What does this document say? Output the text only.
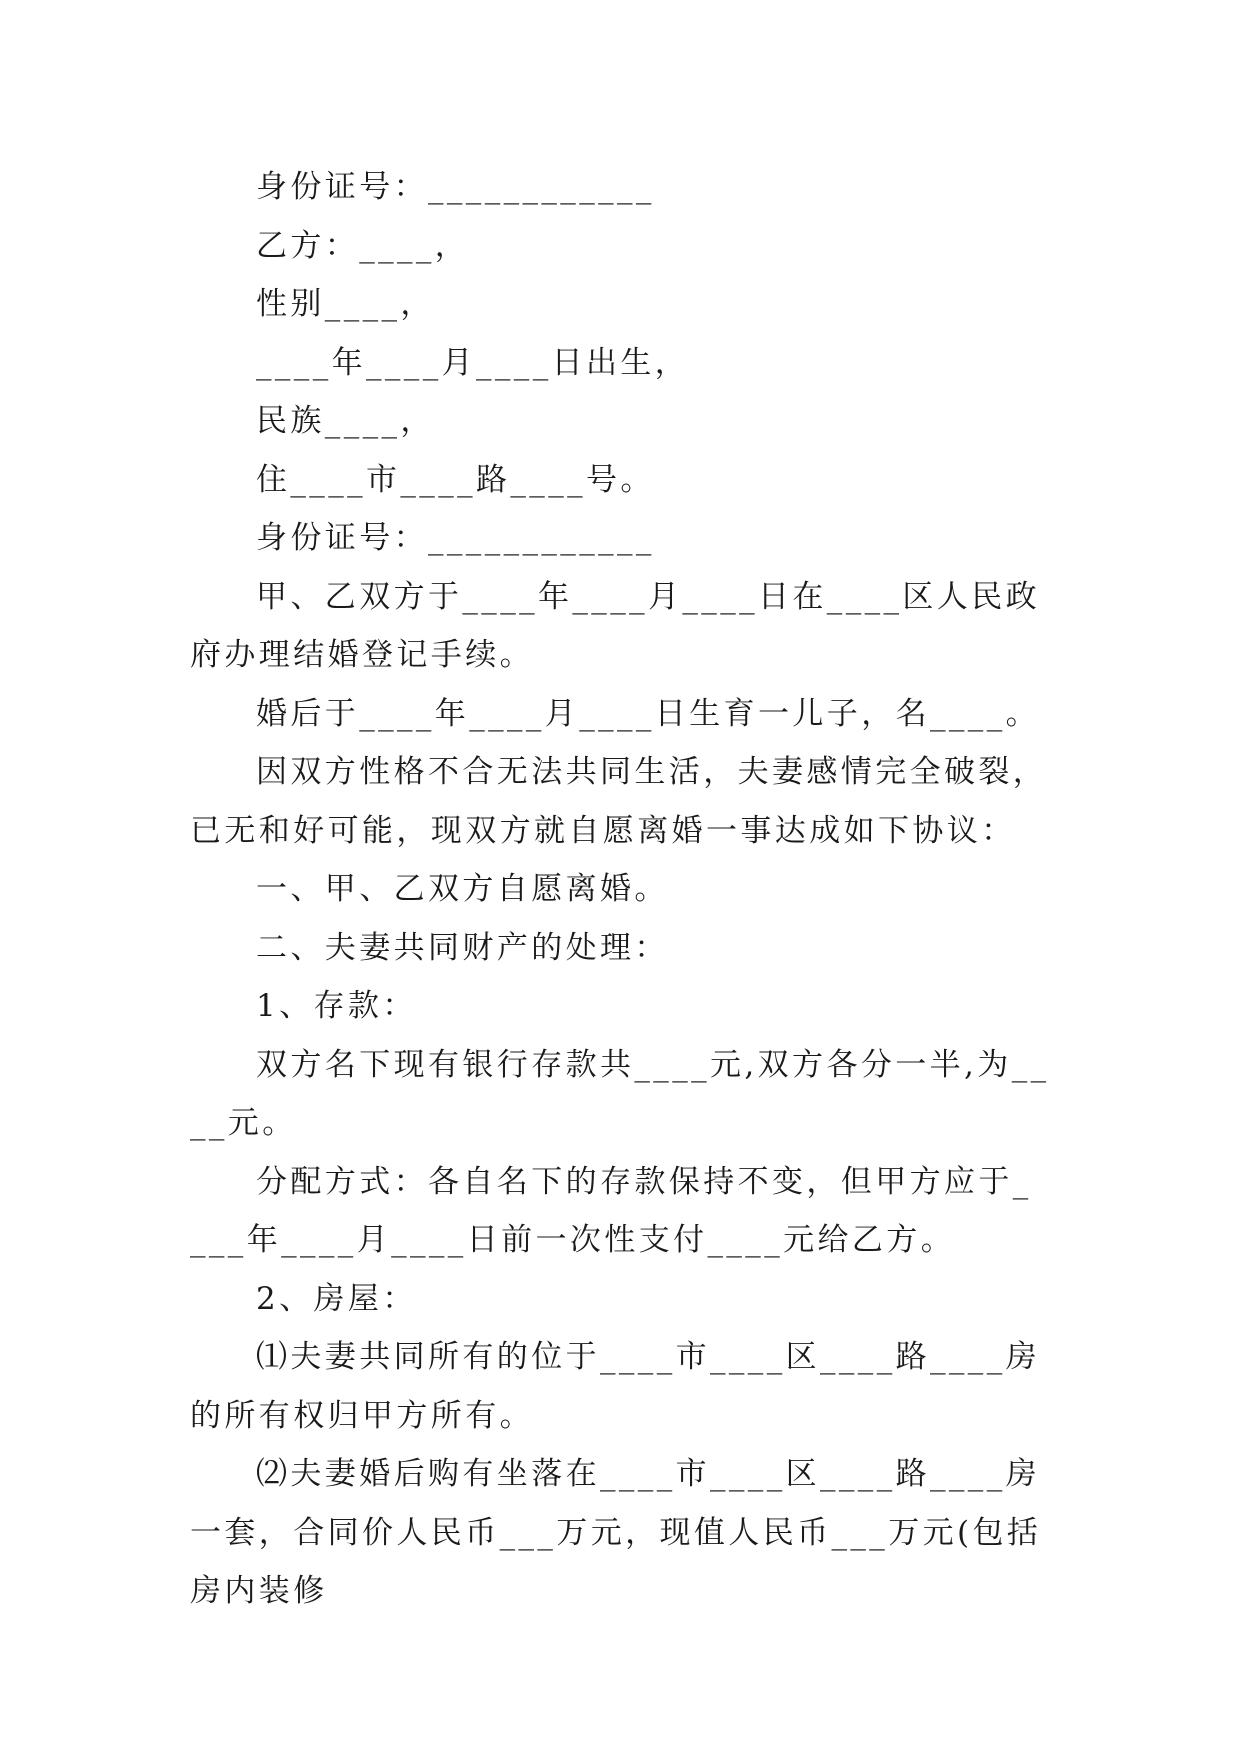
身份证号：____________

乙方：____，

性别____，

____年____月____日出生，

民族____，

住____市____路____号。

身份证号：____________

甲、乙双方于____年____月____日在____区人民政府办理结婚登记手续。

婚后于____年____月____日生育一儿子，名____。

因双方性格不合无法共同生活，夫妻感情完全破裂，已无和好可能，现双方就自愿离婚一事达成如下协议：

一、甲、乙双方自愿离婚。

二、夫妻共同财产的处理：

1、存款：

双方名下现有银行存款共____元,双方各分一半,为____元。

分配方式：各自名下的存款保持不变，但甲方应于____年____月____日前一次性支付____元给乙方。

2、房屋：

⑴夫妻共同所有的位于____市____区____路____房的所有权归甲方所有。

⑵夫妻婚后购有坐落在____市____区____路____房一套，合同价人民币___万元，现值人民币___万元(包括房内装修
